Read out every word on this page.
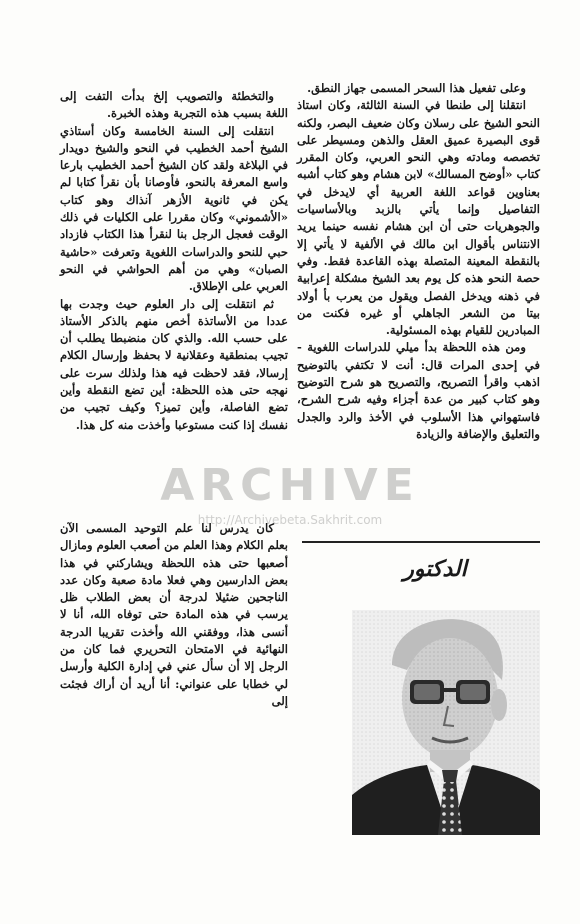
وعلى تفعيل هذا السحر المسمى جهاز النطق.

انتقلنا إلى طنطا في السنة الثالثة، وكان استاذ النحو الشيخ على رسلان وكان ضعيف البصر، ولكنه قوى البصيرة عميق العقل والذهن ومسيطر على تخصصه ومادته وهي النحو العربي، وكان المقرر كتاب «أوضح المسالك» لابن هشام وهو كتاب أشبه بعناوين قواعد اللغة العربية أي لايدخل في التفاصيل وإنما يأتي بالزبد وبالأساسيات والجوهريات حتى أن ابن هشام نفسه حينما يريد الانتناس بأقوال ابن مالك في الألفية لا يأتي إلا بالنقطة المعينة المتصلة بهذه القاعدة فقط. وفي حصة النحو هذه كل يوم بعد الشيخ مشكلة إعرابية في ذهنه ويدخل الفصل ويقول من يعرب بأ أولاد بيتا من الشعر الجاهلي أو غيره فكنت من المبادرين للقيام بهذه المسئولية.

ومن هذه اللحظة بدأ ميلي للدراسات اللغوية - في إحدى المرات قال: أنت لا تكتفي بالتوضيح اذهب واقرأ التصريح، والتصريح هو شرح التوضيح وهو كتاب كبير من عدة أجزاء وفيه شرح الشرح، فاستهواني هذا الأسلوب في الأخذ والرد والجدل والتعليق والإضافة والزيادة

والتخطئة والتصويب إلخ بدأت التفت إلى اللغة بسبب هذه التجربة وهذه الخبرة.

انتقلت إلى السنة الخامسة وكان أستاذي الشيخ أحمد الخطيب في النحو والشيخ دويدار في البلاغة ولقد كان الشيخ أحمد الخطيب بارعا واسع المعرفة بالنحو، فأوصانا بأن نقرأ كتابا لم يكن في ثانوية الأزهر آنذاك وهو كتاب «الأشموني» وكان مقررا على الكليات في ذلك الوقت فعجل الرجل بنا لنقرأ هذا الكتاب فازداد حبي للنحو والدراسات اللغوية وتعرفت «حاشية الصبان» وهي من أهم الحواشي في النحو العربي على الإطلاق.

ثم انتقلت إلى دار العلوم حيث وجدت بها عددا من الأساتذة أخص منهم بالذكر الأستاذ على حسب الله. والذي كان منضبطا يطلب أن تجيب بمنطقية وعقلانية لا بحفظ وإرسال الكلام إرسالا، فقد لاحظت فيه هذا ولذلك سرت على نهجه حتى هذه اللحظة: أين تضع النقطة وأين تضع الفاصلة، وأين تميز؟ وكيف تجيب من نفسك إذا كنت مستوعبا وأخذت منه كل هذا.

كان يدرس لنا علم التوحيد المسمى الآن بعلم الكلام وهذا العلم من أصعب العلوم ومازال أصعبها حتى هذه اللحظة ويشاركني في هذا بعض الدارسين وهي فعلا مادة صعبة وكان عدد الناجحين ضئيلا لدرجة أن بعض الطلاب ظل يرسب في هذه المادة حتى توفاه الله، أنا لا أنسى هذا، ووفقني الله وأخذت تقريبا الدرجة النهائية في الامتحان التحريري فما كان من الرجل إلا أن سأل عني في إدارة الكلية وأرسل لي خطابا على عنواني: أنا أريد أن أراك فجئت إلى

الدكتور
ARCHIVE
http://Archivebeta.Sakhrit.com
